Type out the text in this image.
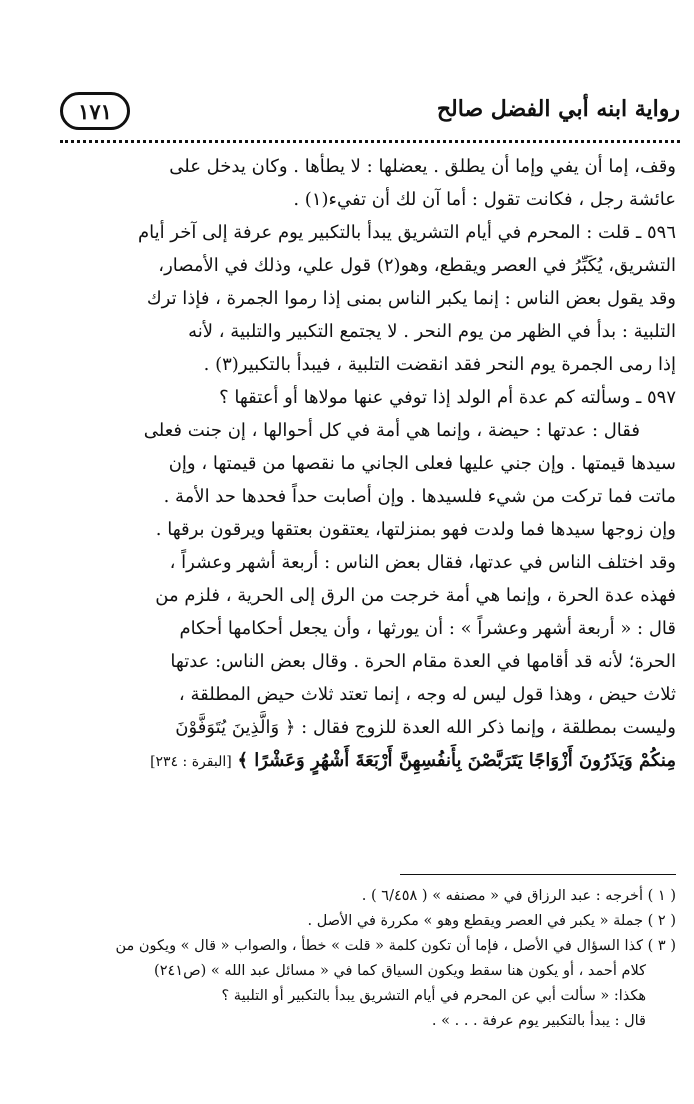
رواية ابنه أبي الفضل صالح
١٧١
وقف، إما أن يفي وإما أن يطلق . يعضلها : لا يطأها . وكان يدخل على
عائشة رجل ، فكانت تقول : أما آن لك أن تفيء(١) .
٥٩٦ ـ قلت : المحرم في أيام التشريق يبدأ بالتكبير يوم عرفة إلى آخر أيام
التشريق، يُكَبِّرُ في العصر ويقطع، وهو(٢) قول علي، وذلك في الأمصار،
وقد يقول بعض الناس : إنما يكبر الناس بمنى إذا رموا الجمرة ، فإذا ترك
التلبية : بدأ في الظهر من يوم النحر . لا يجتمع التكبير والتلبية ، لأنه
إذا رمى الجمرة يوم النحر فقد انقضت التلبية ، فيبدأ بالتكبير(٣) .
٥٩٧ ـ وسألته كم عدة أم الولد إذا توفي عنها مولاها أو أعتقها ؟
فقال : عدتها : حيضة ، وإنما هي أمة في كل أحوالها ، إن جنت فعلى
سيدها قيمتها . وإن جني عليها فعلى الجاني ما نقصها من قيمتها ، وإن
ماتت فما تركت من شيء فلسيدها . وإن أصابت حداً فحدها حد الأمة .
وإن زوجها سيدها فما ولدت فهو بمنزلتها، يعتقون بعتقها ويرقون برقها .
وقد اختلف الناس في عدتها، فقال بعض الناس : أربعة أشهر وعشراً ،
فهذه عدة الحرة ، وإنما هي أمة خرجت من الرق إلى الحرية ، فلزم من
قال : « أربعة أشهر وعشراً » : أن يورثها ، وأن يجعل أحكامها أحكام
الحرة؛ لأنه قد أقامها في العدة مقام الحرة . وقال بعض الناس: عدتها
ثلاث حيض ، وهذا قول ليس له وجه ، إنما تعتد ثلاث حيض المطلقة ،
وليست بمطلقة ، وإنما ذكر الله العدة للزوج فقال : ﴿ وَالَّذِينَ يُتَوَفَّوْنَ
مِنكُمْ وَيَذَرُونَ أَزْوَاجًا يَتَرَبَّصْنَ بِأَنفُسِهِنَّ أَرْبَعَةَ أَشْهُرٍ وَعَشْرًا ﴾ [البقرة : ٢٣٤]
( ١ ) أخرجه : عبد الرزاق في « مصنفه » ( ٦/٤٥٨ ) .
( ٢ ) جملة « يكبر في العصر ويقطع وهو » مكررة في الأصل .
( ٣ ) كذا السؤال في الأصل ، فإما أن تكون كلمة « قلت » خطأ ، والصواب « قال » ويكون من
كلام أحمد ، أو يكون هنا سقط ويكون السياق كما في « مسائل عبد الله » (ص٢٤١)
هكذا: « سألت أبي عن المحرم في أيام التشريق يبدأ بالتكبير أو التلبية ؟
قال : يبدأ بالتكبير يوم عرفة . . . » .
